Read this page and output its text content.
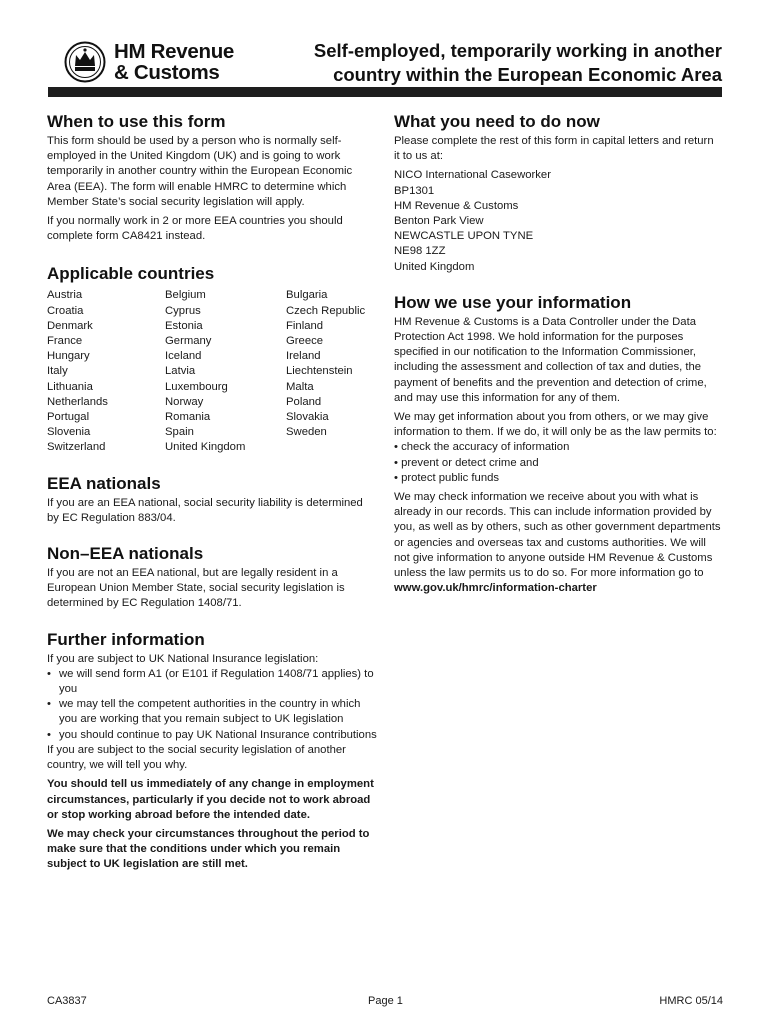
HM Revenue
& Customs
Self-employed, temporarily working in another country within the European Economic Area
When to use this form

This form should be used by a person who is normally self-employed in the United Kingdom (UK) and is going to work temporarily in another country within the European Economic Area (EEA). The form will enable HMRC to determine which Member State’s social security legislation will apply.

If you normally work in 2 or more EEA countries you should complete form CA8421 instead.

Applicable countries
Austria
Croatia
Denmark
France
Hungary
Italy
Lithuania
Netherlands
Portugal
Slovenia
Switzerland
Belgium
Cyprus
Estonia
Germany
Iceland
Latvia
Luxembourg
Norway
Romania
Spain
United Kingdom
Bulgaria
Czech Republic
Finland
Greece
Ireland
Liechtenstein
Malta
Poland
Slovakia
Sweden
EEA nationals

If you are an EEA national, social security liability is determined by EC Regulation 883/04.

Non–EEA nationals

If you are not an EEA national, but are legally resident in a European Union Member State, social security legislation is determined by EC Regulation 1408/71.

Further information

If you are subject to UK National Insurance legislation:

• we will send form A1 (or E101 if Regulation 1408/71 applies) to you
• we may tell the competent authorities in the country in which you are working that you remain subject to UK legislation
• you should continue to pay UK National Insurance contributions

If you are subject to the social security legislation of another country, we will tell you why.

You should tell us immediately of any change in employment circumstances, particularly if you decide not to work abroad or stop working abroad before the intended date.

We may check your circumstances throughout the period to make sure that the conditions under which you remain subject to UK legislation are still met.

What you need to do now

Please complete the rest of this form in capital letters and return it to us at:

NICO International Caseworker
BP1301
HM Revenue & Customs
Benton Park View
NEWCASTLE UPON TYNE
NE98 1ZZ
United Kingdom
How we use your information

HM Revenue & Customs is a Data Controller under the Data Protection Act 1998. We hold information for the purposes specified in our notification to the Information Commissioner, including the assessment and collection of tax and duties, the payment of benefits and the prevention and detection of crime, and may use this information for any of them.

We may get information about you from others, or we may give information to them. If we do, it will only be as the law permits to:

• check the accuracy of information
• prevent or detect crime and
• protect public funds

We may check information we receive about you with what is already in our records. This can include information provided by you, as well as by others, such as other government departments or agencies and overseas tax and customs authorities. We will not give information to anyone outside HM Revenue & Customs unless the law permits us to do so. For more information go to

www.gov.uk/hmrc/information-charter

CA3837	Page 1	HMRC 05/14
